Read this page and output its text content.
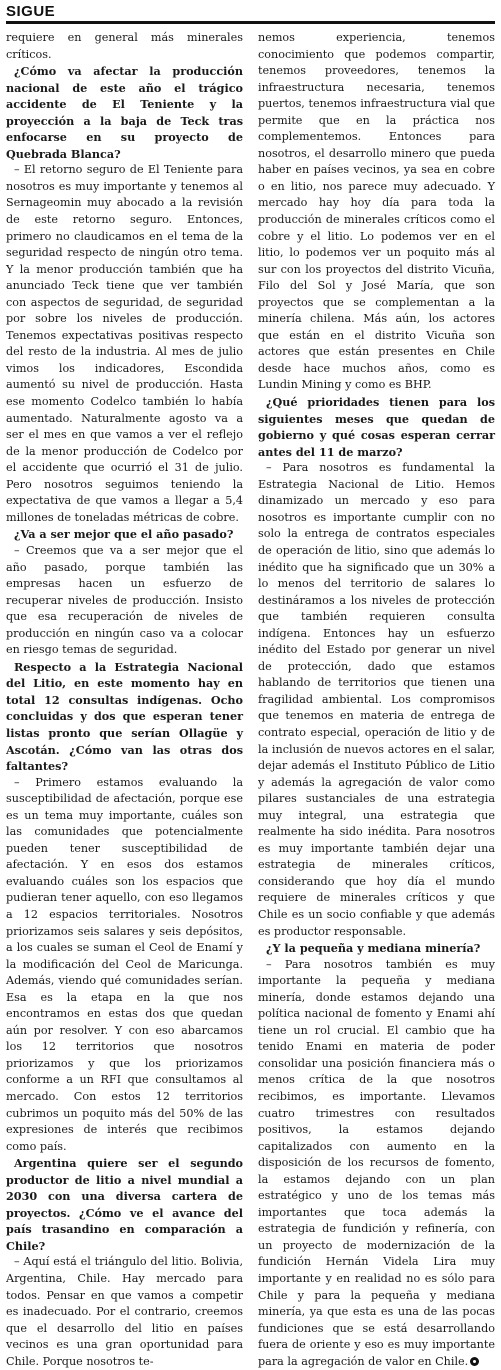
SIGUE

requiere en general más minerales críticos.

¿Cómo va afectar la producción nacional de este año el trágico accidente de El Teniente y la proyección a la baja de Teck tras enfocarse en su proyecto de Quebrada Blanca?

– El retorno seguro de El Teniente para nosotros es muy importante y tenemos al Sernageomin muy abocado a la revisión de este retorno seguro. Entonces, primero no claudicamos en el tema de la seguridad respecto de ningún otro tema. Y la menor producción también que ha anunciado Teck tiene que ver también con aspectos de seguridad, de seguridad por sobre los niveles de producción. Tenemos expectativas positivas respecto del resto de la industria. Al mes de julio vimos los indicadores, Escondida aumentó su nivel de producción. Hasta ese momento Codelco también lo había aumentado. Naturalmente agosto va a ser el mes en que vamos a ver el reflejo de la menor producción de Codelco por el accidente que ocurrió el 31 de julio. Pero nosotros seguimos teniendo la expectativa de que vamos a llegar a 5,4 millones de toneladas métricas de cobre.

¿Va a ser mejor que el año pasado?

– Creemos que va a ser mejor que el año pasado, porque también las empresas hacen un esfuerzo de recuperar niveles de producción. Insisto que esa recuperación de niveles de producción en ningún caso va a colocar en riesgo temas de seguridad.

Respecto a la Estrategia Nacional del Litio, en este momento hay en total 12 consultas indígenas. Ocho concluidas y dos que esperan tener listas pronto que serían Ollagüe y Ascotán. ¿Cómo van las otras dos faltantes?

– Primero estamos evaluando la susceptibilidad de afectación, porque ese es un tema muy importante, cuáles son las comunidades que potencialmente pueden tener susceptibilidad de afectación. Y en esos dos estamos evaluando cuáles son los espacios que pudieran tener aquello, con eso llegamos a 12 espacios territoriales. Nosotros priorizamos seis salares y seis depósitos, a los cuales se suman el Ceol de Enamí y la modificación del Ceol de Maricunga. Además, viendo qué comunidades serían. Esa es la etapa en la que nos encontramos en estas dos que quedan aún por resolver. Y con eso abarcamos los 12 territorios que nosotros priorizamos y que los priorizamos conforme a un RFI que consultamos al mercado. Con estos 12 territorios cubrimos un poquito más del 50% de las expresiones de interés que recibimos como país.

Argentina quiere ser el segundo productor de litio a nivel mundial a 2030 con una diversa cartera de proyectos. ¿Cómo ve el avance del país trasandino en comparación a Chile?

– Aquí está el triángulo del litio. Bolivia, Argentina, Chile. Hay mercado para todos. Pensar en que vamos a competir es inadecuado. Por el contrario, creemos que el desarrollo del litio en países vecinos es una gran oportunidad para Chile. Porque nosotros te-

nemos experiencia, tenemos conocimiento que podemos compartir, tenemos proveedores, tenemos la infraestructura necesaria, tenemos puertos, tenemos infraestructura vial que permite que en la práctica nos complementemos. Entonces para nosotros, el desarrollo minero que pueda haber en países vecinos, ya sea en cobre o en litio, nos parece muy adecuado. Y mercado hay hoy día para toda la producción de minerales críticos como el cobre y el litio. Lo podemos ver en el litio, lo podemos ver un poquito más al sur con los proyectos del distrito Vicuña, Filo del Sol y José María, que son proyectos que se complementan a la minería chilena. Más aún, los actores que están en el distrito Vicuña son actores que están presentes en Chile desde hace muchos años, como es Lundin Mining y como es BHP.

¿Qué prioridades tienen para los siguientes meses que quedan de gobierno y qué cosas esperan cerrar antes del 11 de marzo?

– Para nosotros es fundamental la Estrategia Nacional de Litio. Hemos dinamizado un mercado y eso para nosotros es importante cumplir con no solo la entrega de contratos especiales de operación de litio, sino que además lo inédito que ha significado que un 30% a lo menos del territorio de salares lo destináramos a los niveles de protección que también requieren consulta indígena. Entonces hay un esfuerzo inédito del Estado por generar un nivel de protección, dado que estamos hablando de territorios que tienen una fragilidad ambiental. Los compromisos que tenemos en materia de entrega de contrato especial, operación de litio y de la inclusión de nuevos actores en el salar, dejar además el Instituto Público de Litio y además la agregación de valor como pilares sustanciales de una estrategia muy integral, una estrategia que realmente ha sido inédita. Para nosotros es muy importante también dejar una estrategia de minerales críticos, considerando que hoy día el mundo requiere de minerales críticos y que Chile es un socio confiable y que además es productor responsable.

¿Y la pequeña y mediana minería?

– Para nosotros también es muy importante la pequeña y mediana minería, donde estamos dejando una política nacional de fomento y Enami ahí tiene un rol crucial. El cambio que ha tenido Enami en materia de poder consolidar una posición financiera más o menos crítica de la que nosotros recibimos, es importante. Llevamos cuatro trimestres con resultados positivos, la estamos dejando capitalizados con aumento en la disposición de los recursos de fomento, la estamos dejando con un plan estratégico y uno de los temas más importantes que toca además la estrategia de fundición y refinería, con un proyecto de modernización de la fundición Hernán Videla Lira muy importante y en realidad no es sólo para Chile y para la pequeña y mediana minería, ya que esta es una de las pocas fundiciones que se está desarrollando fuera de oriente y eso es muy importante para la agregación de valor en Chile.
